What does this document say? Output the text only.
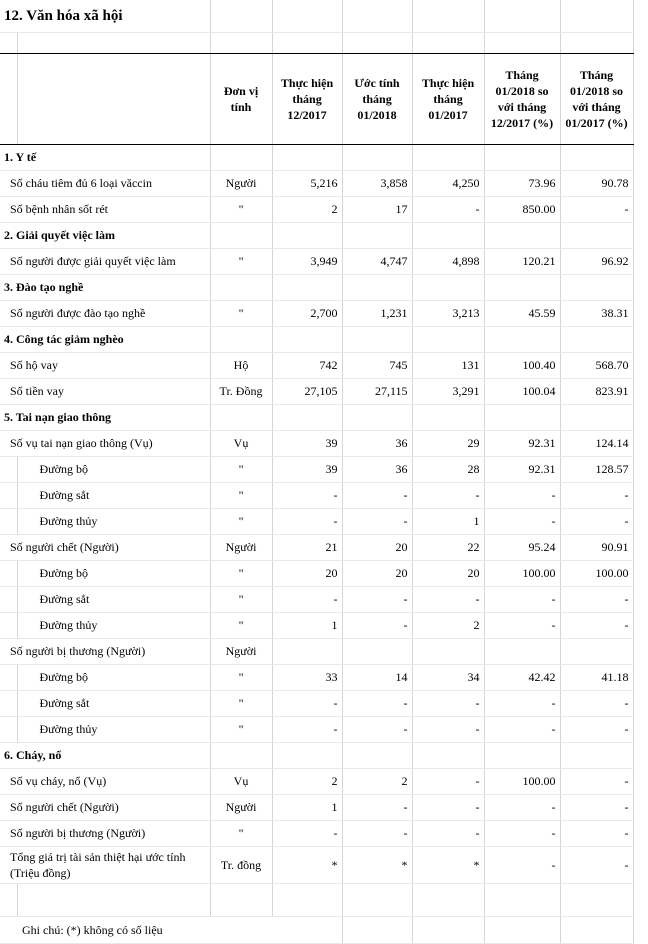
12. Văn hóa xã hội							

		Đơn vị tính	Thực hiện tháng 12/2017	Ước tính tháng 01/2018	Thực hiện tháng 01/2017	Tháng 01/2018 so với tháng 12/2017 (%)	Tháng 01/2018 so với tháng 01/2017 (%)
1. Y tế							
Số cháu tiêm đủ 6 loại văccin		Người	5,216	3,858	4,250	73.96	90.78
Số bệnh nhân sốt rét		"	2	17	-	850.00	-
2. Giải quyết việc làm							
Số người được giải quyết việc làm		"	3,949	4,747	4,898	120.21	96.92
3. Đào tạo nghề							
Số người được đào tạo nghề		"	2,700	1,231	3,213	45.59	38.31
4. Công tác giảm nghèo							
Số hộ vay		Hộ	742	745	131	100.40	568.70
Số tiền vay		Tr. Đồng	27,105	27,115	3,291	100.04	823.91
5. Tai nạn giao thông							
Số vụ tai nạn giao thông (Vụ)		Vụ	39	36	29	92.31	124.14
	Đường bộ	"	39	36	28	92.31	128.57
	Đường sắt	"	-	-	-	-	-
	Đường thủy	"	-	-	1	-	-
Số người chết (Người)		Người	21	20	22	95.24	90.91
	Đường bộ	"	20	20	20	100.00	100.00
	Đường sắt	"	-	-	-	-	-
	Đường thủy	"	1	-	2	-	-
Số người bị thương (Người)		Người					
	Đường bộ	"	33	14	34	42.42	41.18
	Đường sắt	"	-	-	-	-	-
	Đường thủy	"	-	-	-	-	-
6. Cháy, nổ							
Số vụ cháy, nổ (Vụ)		Vụ	2	2	-	100.00	-
Số người chết (Người)		Người	1	-	-	-	-
Số người bị thương (Người)		"	-	-	-	-	-
Tổng giá trị tài sản thiệt hại ước tính (Triệu đồng)		Tr. đồng	*	*	*	-	-

Ghi chú: (*) không có số liệu							
